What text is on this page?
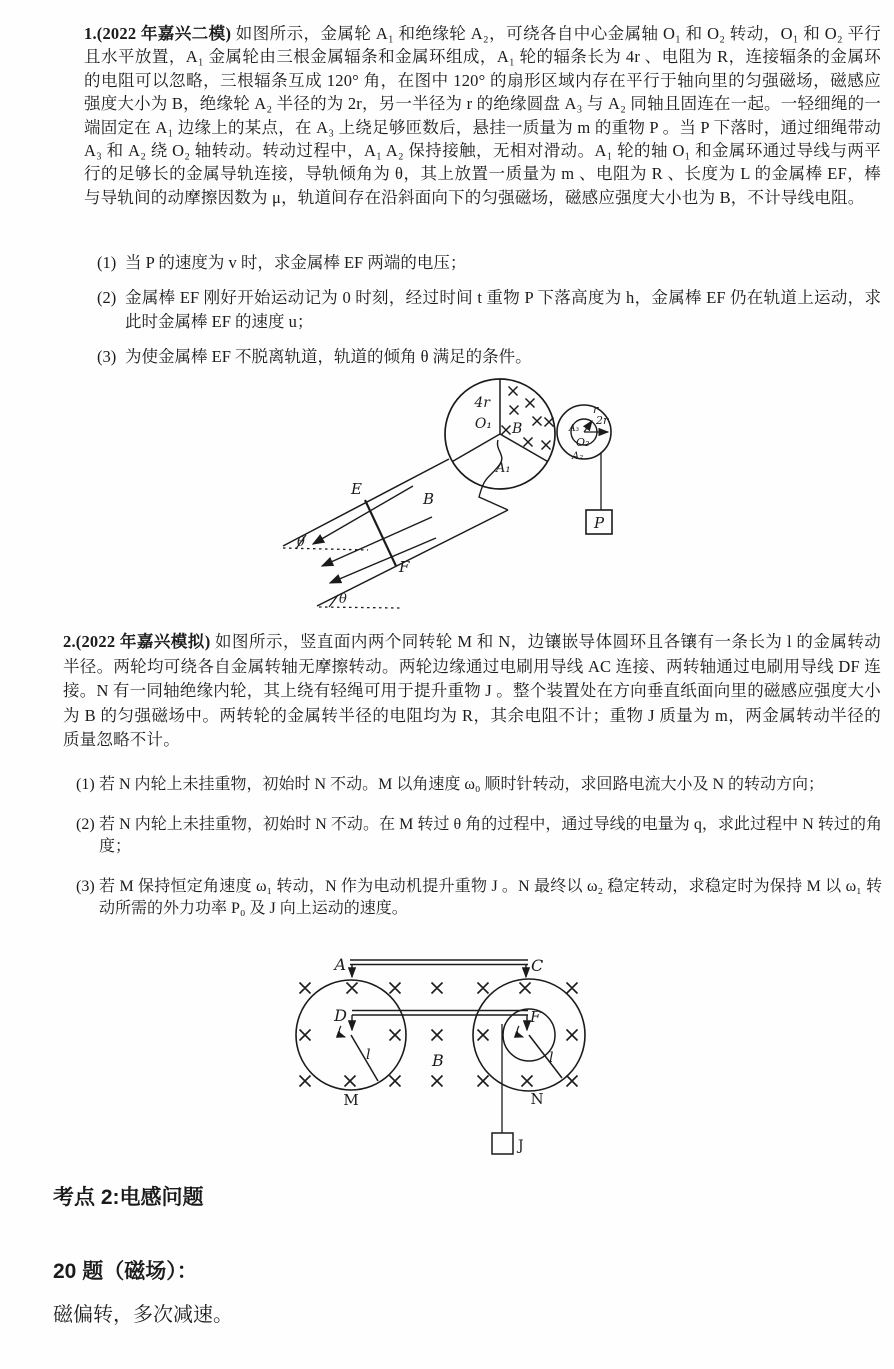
1.(2022 年嘉兴二模) 如图所示，金属轮 A₁ 和绝缘轮 A₂，可绕各自中心金属轴 O₁ 和 O₂ 转动，O₁ 和 O₂ 平行且水平放置，A₁ 金属轮由三根金属辐条和金属环组成，A₁ 轮的辐条长为 4r 、电阻为 R，连接辐条的金属环的电阻可以忽略，三根辐条互成 120° 角，在图中 120° 的扇形区域内存在平行于轴向里的匀强磁场，磁感应强度大小为 B，绝缘轮 A₂ 半径的为 2r，另一半径为 r 的绝缘圆盘 A₃ 与 A₂ 同轴且固连在一起。一轻细绳的一端固定在 A₁ 边缘上的某点，在 A₃ 上绕足够匝数后，悬挂一质量为 m 的重物 P 。当 P 下落时，通过细绳带动 A₃ 和 A₂ 绕 O₂ 轴转动。转动过程中，A₁ A₂ 保持接触，无相对滑动。A₁ 轮的轴 O₁ 和金属环通过导线与两平行的足够长的金属导轨连接，导轨倾角为 θ，其上放置一质量为 m 、电阻为 R 、长度为 L 的金属棒 EF，棒与导轨间的动摩擦因数为 μ，轨道间存在沿斜面向下的匀强磁场，磁感应强度大小也为 B，不计导线电阻。
(1) 当 P 的速度为 v 时，求金属棒 EF 两端的电压；
(2) 金属棒 EF 刚好开始运动记为 0 时刻，经过时间 t 重物 P 下落高度为 h，金属棒 EF 仍在轨道上运动，求此时金属棒 EF 的速度 u；
(3) 为使金属棒 EF 不脱离轨道，轨道的倾角 θ 满足的条件。
4r
O₁ B
A₁
θ
θ
E
F
B
r
2r
O₂
A₃
A₂
P
2.(2022 年嘉兴模拟) 如图所示，竖直面内两个同转轮 M 和 N，边镶嵌导体圆环且各镶有一条长为 l 的金属转动半径。两轮均可绕各自金属转轴无摩擦转动。两轮边缘通过电刷用导线 AC 连接、两转轴通过电刷用导线 DF 连接。N 有一同轴绝缘内轮，其上绕有轻绳可用于提升重物 J 。整个装置处在方向垂直纸面向里的磁感应强度大小为 B 的匀强磁场中。两转轮的金属转半径的电阻均为 R，其余电阻不计；重物 J 质量为 m，两金属转动半径的质量忽略不计。
(1) 若 N 内轮上未挂重物，初始时 N 不动。M 以角速度 ω₀ 顺时针转动，求回路电流大小及 N 的转动方向；
(2) 若 N 内轮上未挂重物，初始时 N 不动。在 M 转过 θ 角的过程中，通过导线的电量为 q，求此过程中 N 转过的角度；
(3) 若 M 保持恒定角速度 ω₁ 转动，N 作为电动机提升重物 J 。N 最终以 ω₂ 稳定转动，求稳定时为保持 M 以 ω₁ 转动所需的外力功率 P₀ 及 J 向上运动的速度。
A	C
D	F
l	l
J
B
M	N
考点 2:电感问题
20 题（磁场）：
磁偏转，多次减速。
